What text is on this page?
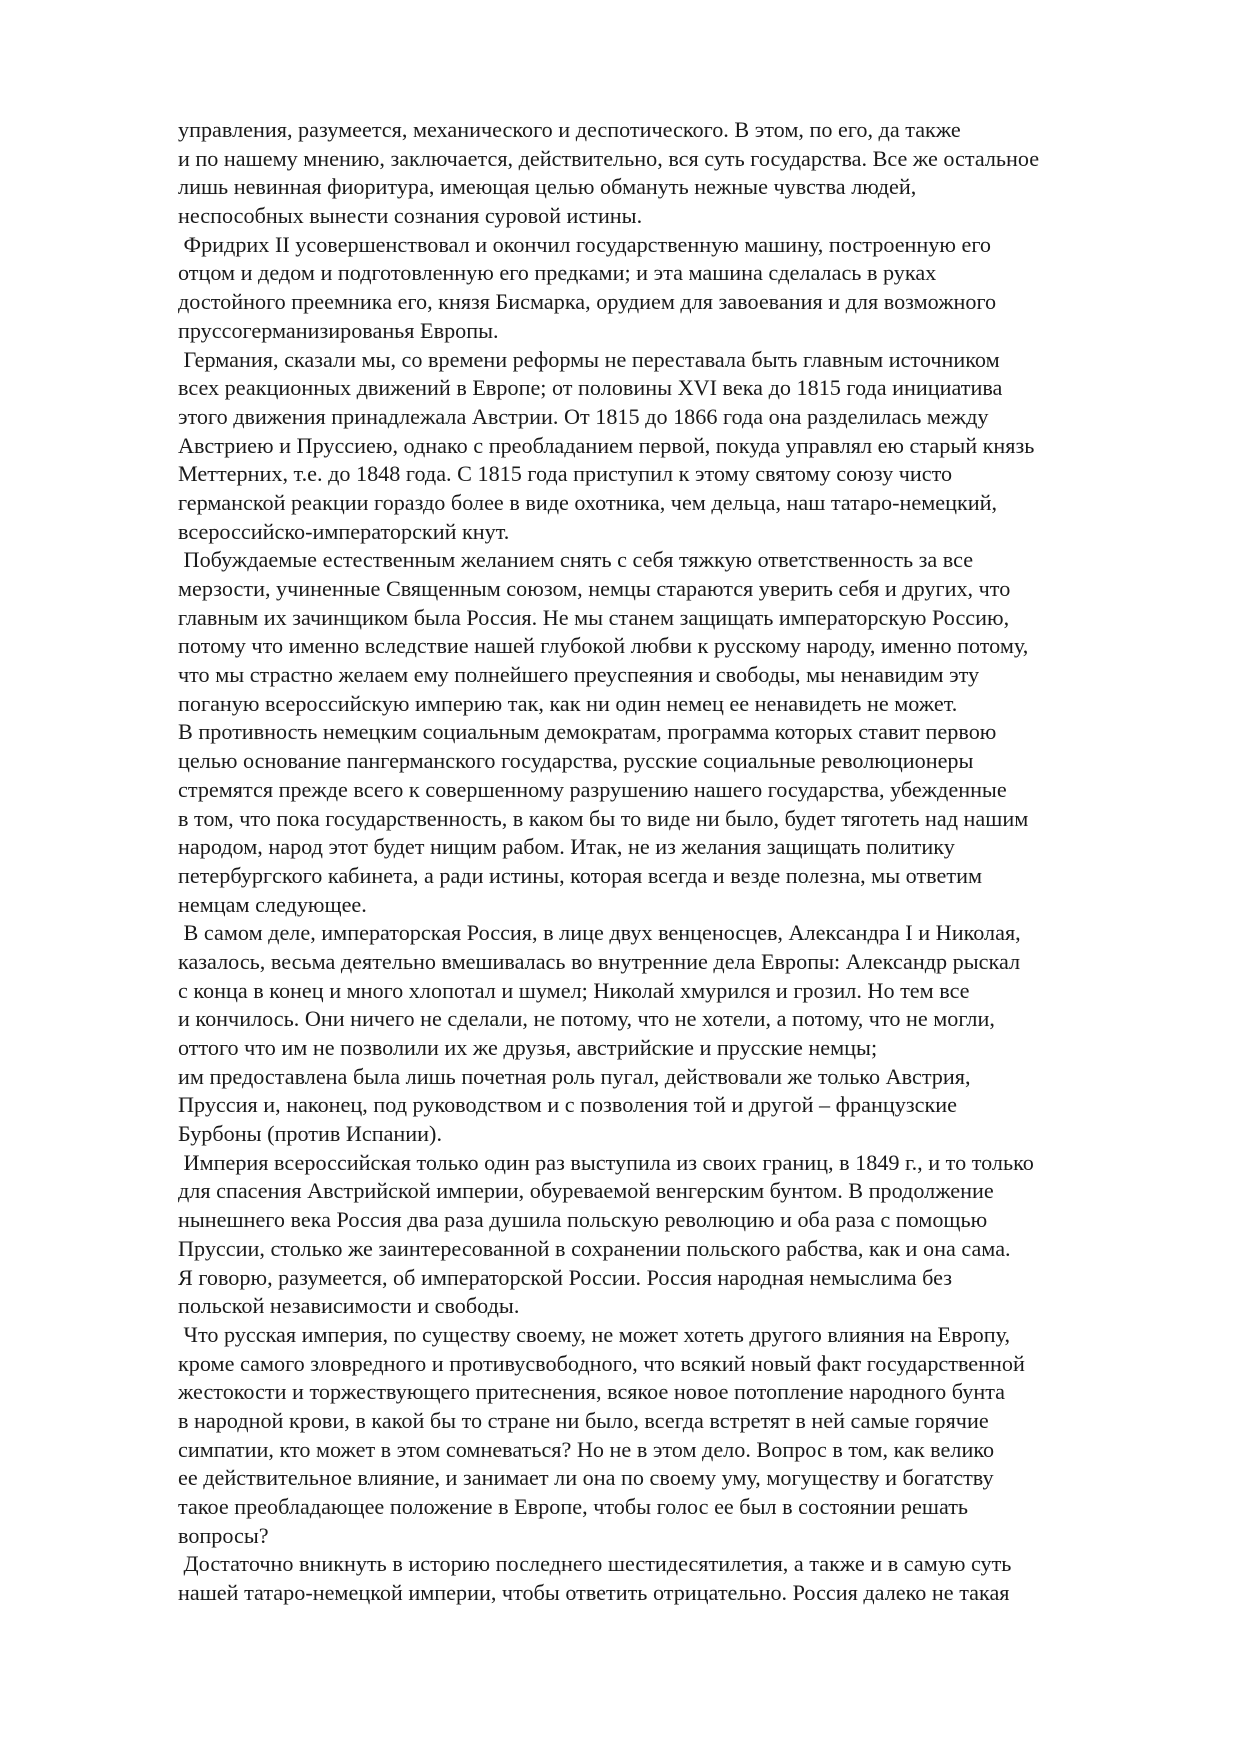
управления, разумеется, механического и деспотического. В этом, по его, да также
и по нашему мнению, заключается, действительно, вся суть государства. Все же остальное
лишь невинная фиоритура, имеющая целью обмануть нежные чувства людей,
неспособных вынести сознания суровой истины.
Фридрих II усовершенствовал и окончил государственную машину, построенную его
отцом и дедом и подготовленную его предками; и эта машина сделалась в руках
достойного преемника его, князя Бисмарка, орудием для завоевания и для возможного
пруссогерманизированья Европы.
Германия, сказали мы, со времени реформы не переставала быть главным источником
всех реакционных движений в Европе; от половины XVI века до 1815 года инициатива
этого движения принадлежала Австрии. От 1815 до 1866 года она разделилась между
Австриею и Пруссиею, однако с преобладанием первой, покуда управлял ею старый князь
Меттерних, т.е. до 1848 года. С 1815 года приступил к этому святому союзу чисто
германской реакции гораздо более в виде охотника, чем дельца, наш татаро-немецкий,
всероссийско-императорский кнут.
Побуждаемые естественным желанием снять с себя тяжкую ответственность за все
мерзости, учиненные Священным союзом, немцы стараются уверить себя и других, что
главным их зачинщиком была Россия. Не мы станем защищать императорскую Россию,
потому что именно вследствие нашей глубокой любви к русскому народу, именно потому,
что мы страстно желаем ему полнейшего преуспеяния и свободы, мы ненавидим эту
поганую всероссийскую империю так, как ни один немец ее ненавидеть не может.
В противность немецким социальным демократам, программа которых ставит первою
целью основание пангерманского государства, русские социальные революционеры
стремятся прежде всего к совершенному разрушению нашего государства, убежденные
в том, что пока государственность, в каком бы то виде ни было, будет тяготеть над нашим
народом, народ этот будет нищим рабом. Итак, не из желания защищать политику
петербургского кабинета, а ради истины, которая всегда и везде полезна, мы ответим
немцам следующее.
В самом деле, императорская Россия, в лице двух венценосцев, Александра I и Николая,
казалось, весьма деятельно вмешивалась во внутренние дела Европы: Александр рыскал
с конца в конец и много хлопотал и шумел; Николай хмурился и грозил. Но тем все
и кончилось. Они ничего не сделали, не потому, что не хотели, а потому, что не могли,
оттого что им не позволили их же друзья, австрийские и прусские немцы;
им предоставлена была лишь почетная роль пугал, действовали же только Австрия,
Пруссия и, наконец, под руководством и с позволения той и другой – французские
Бурбоны (против Испании).
Империя всероссийская только один раз выступила из своих границ, в 1849 г., и то только
для спасения Австрийской империи, обуреваемой венгерским бунтом. В продолжение
нынешнего века Россия два раза душила польскую революцию и оба раза с помощью
Пруссии, столько же заинтересованной в сохранении польского рабства, как и она сама.
Я говорю, разумеется, об императорской России. Россия народная немыслима без
польской независимости и свободы.
Что русская империя, по существу своему, не может хотеть другого влияния на Европу,
кроме самого зловредного и противусвободного, что всякий новый факт государственной
жестокости и торжествующего притеснения, всякое новое потопление народного бунта
в народной крови, в какой бы то стране ни было, всегда встретят в ней самые горячие
симпатии, кто может в этом сомневаться? Но не в этом дело. Вопрос в том, как велико
ее действительное влияние, и занимает ли она по своему уму, могуществу и богатству
такое преобладающее положение в Европе, чтобы голос ее был в состоянии решать
вопросы?
Достаточно вникнуть в историю последнего шестидесятилетия, а также и в самую суть
нашей татаро-немецкой империи, чтобы ответить отрицательно. Россия далеко не такая
